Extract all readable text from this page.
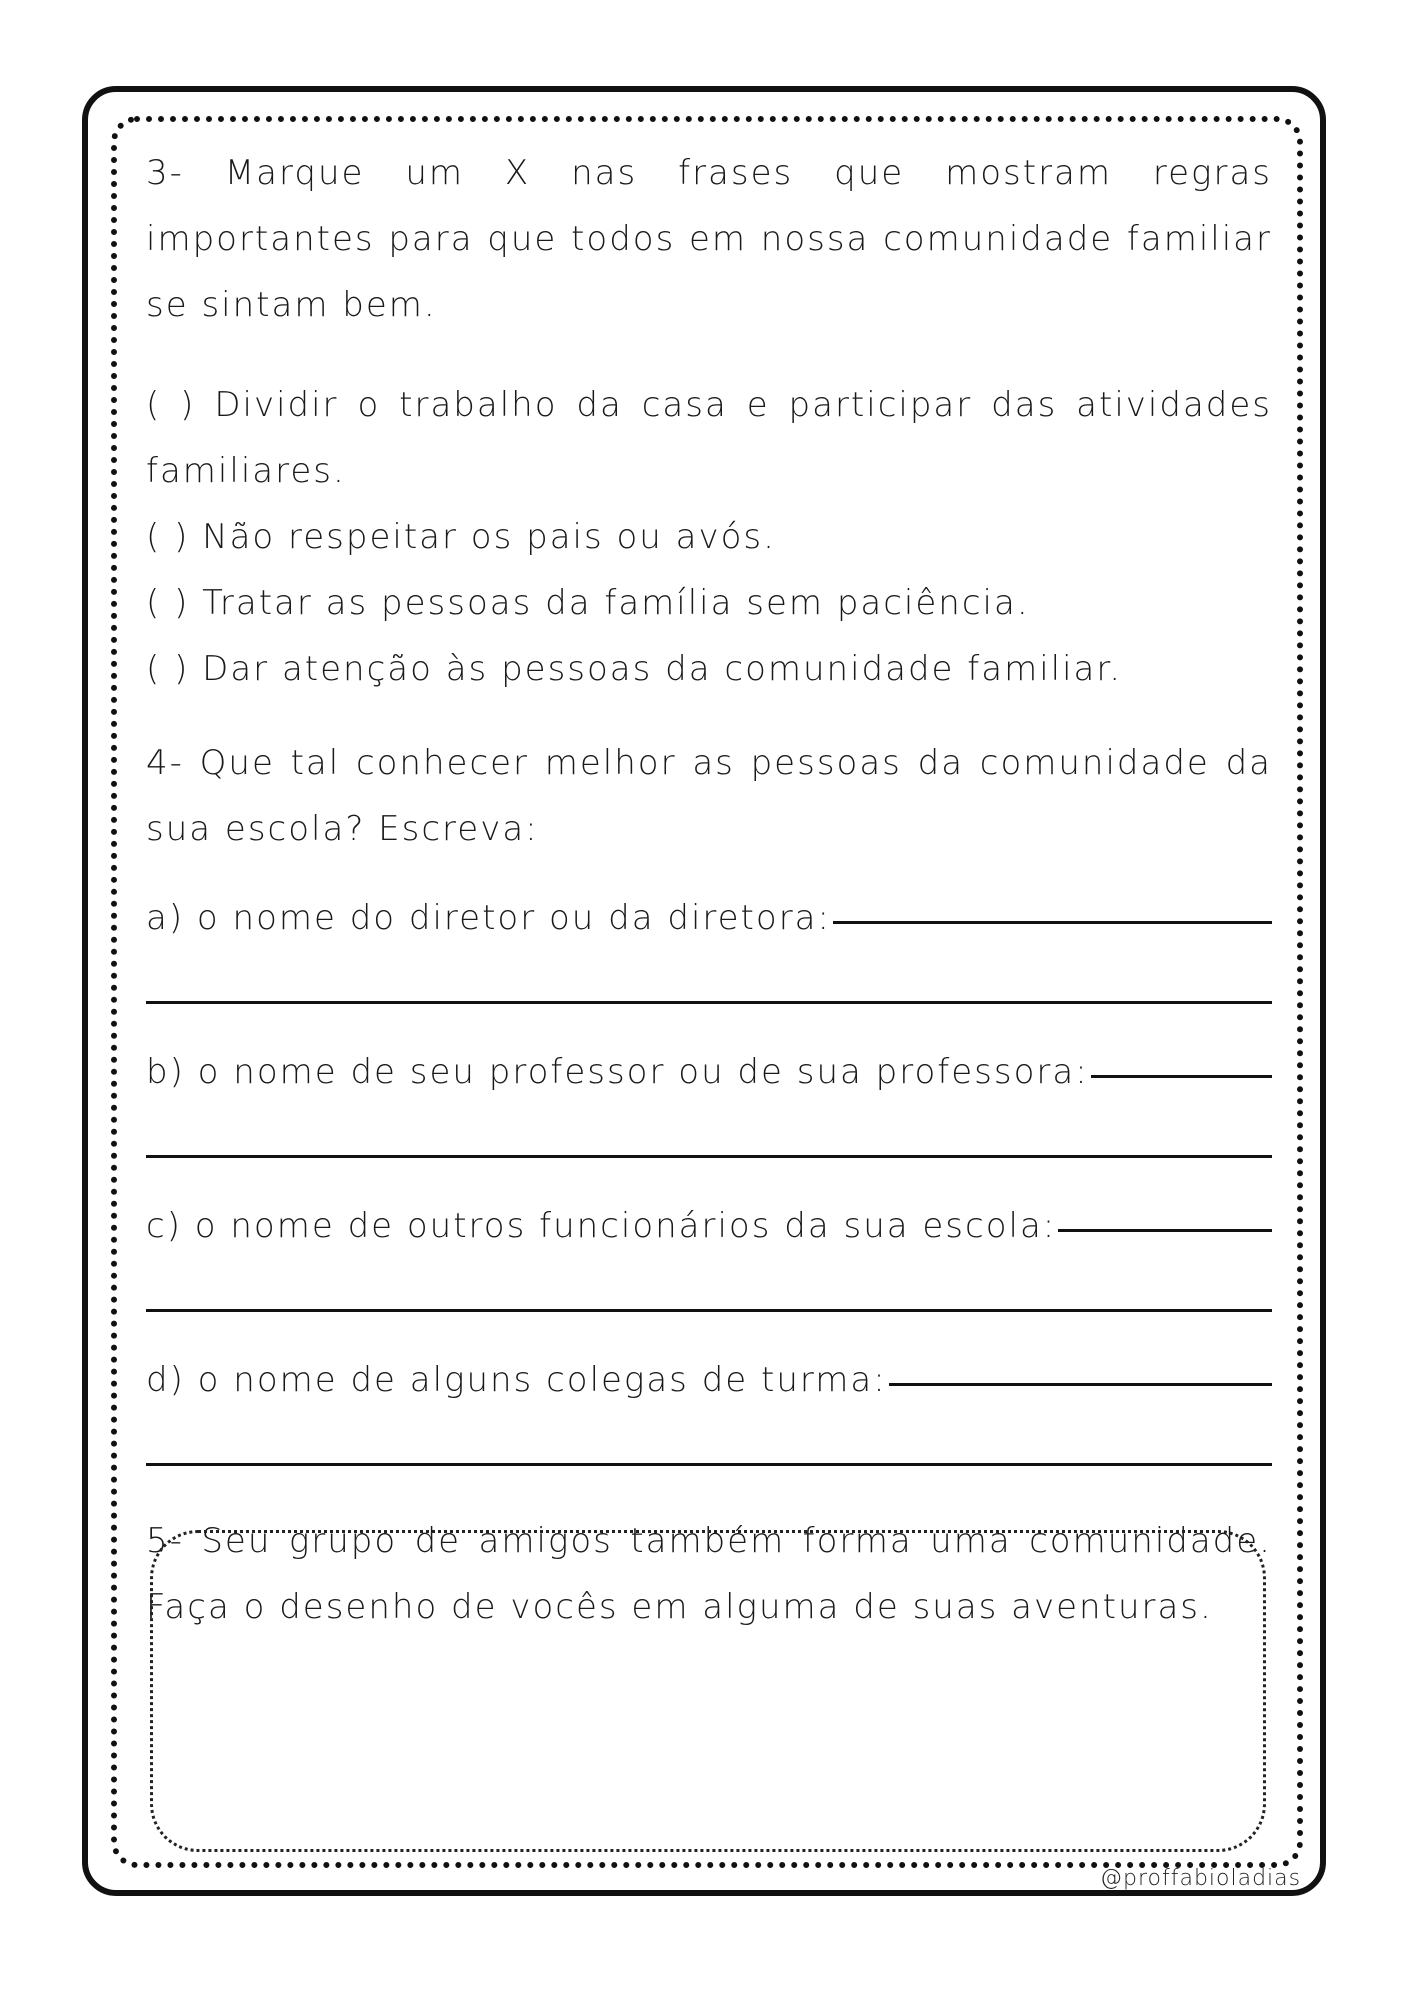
3- Marque um X nas frases que mostram regras importantes para que todos em nossa comunidade familiar se sintam bem.

( ) Dividir o trabalho da casa e participar das atividades familiares.

( ) Não respeitar os pais ou avós.

( ) Tratar as pessoas da família sem paciência.

( ) Dar atenção às pessoas da comunidade familiar.

4- Que tal conhecer melhor as pessoas da comunidade da sua escola? Escreva:

a) o nome do diretor ou da diretora:
b) o nome de seu professor ou de sua professora:
c) o nome de outros funcionários da sua escola:
d) o nome de alguns colegas de turma:

5- Seu grupo de amigos também forma uma comunidade. Faça o desenho de vocês em alguma de suas aventuras.

@proffabioladias
